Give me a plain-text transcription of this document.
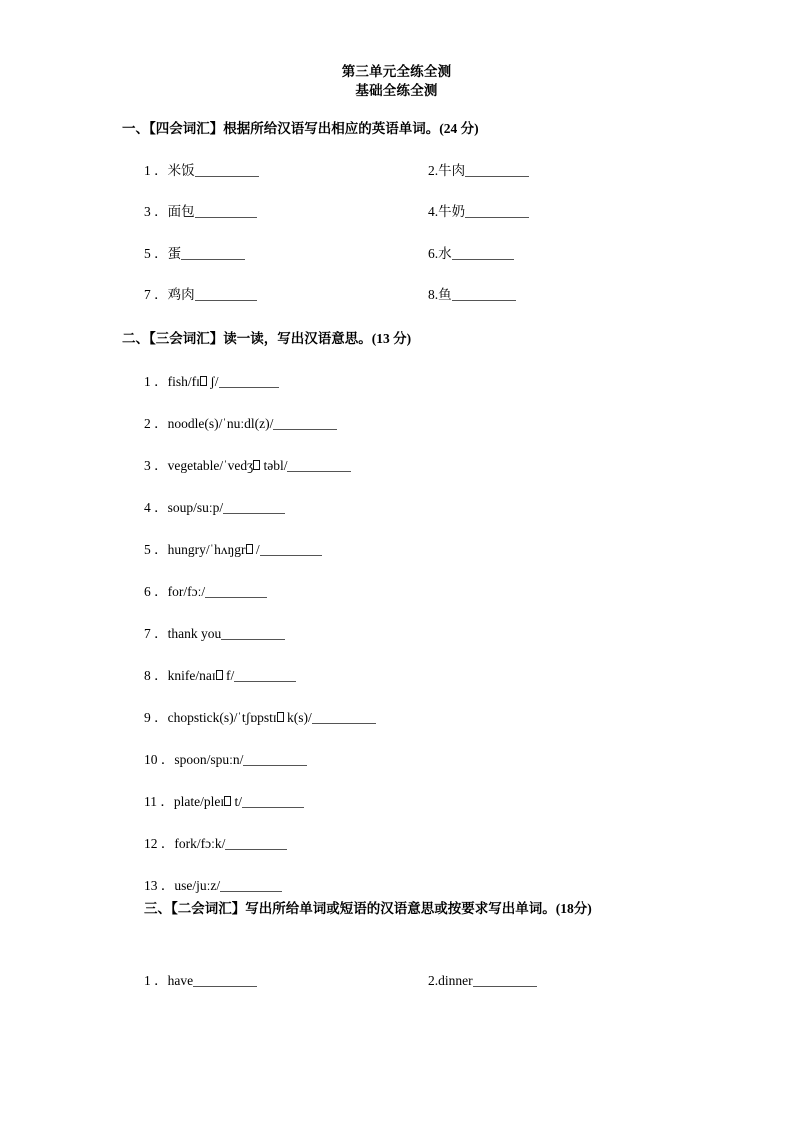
第三单元全练全测
基础全练全测
一、【四会词汇】根据所给汉语写出相应的英语单词。(24 分)
1 ．米饭	2.牛肉
3 ．面包	4.牛奶
5 ．蛋	6.水
7 ．鸡肉	8.鱼
二、【三会词汇】读一读，写出汉语意思。(13 分)
1 ．fish/fɪ ʃ/
2 ．noodle(s)/ˈnuːdl(z)/
3 ．vegetable/ˈvedʒ təbl/
4 ．soup/suːp/
5 ．hungry/ˈhʌŋgr /
6 ．for/fɔː/
7 ．thank you
8 ．knife/naɪ f/
9 ．chopstick(s)/ˈtʃɒpstɪ k(s)/
10 ．spoon/spuːn/
11 ．plate/pleɪ t/
12 ．fork/fɔːk/
13 ．use/juːz/
三、【二会词汇】写出所给单词或短语的汉语意思或按要求写出单词。(18分)
1 ．have	2.dinner
